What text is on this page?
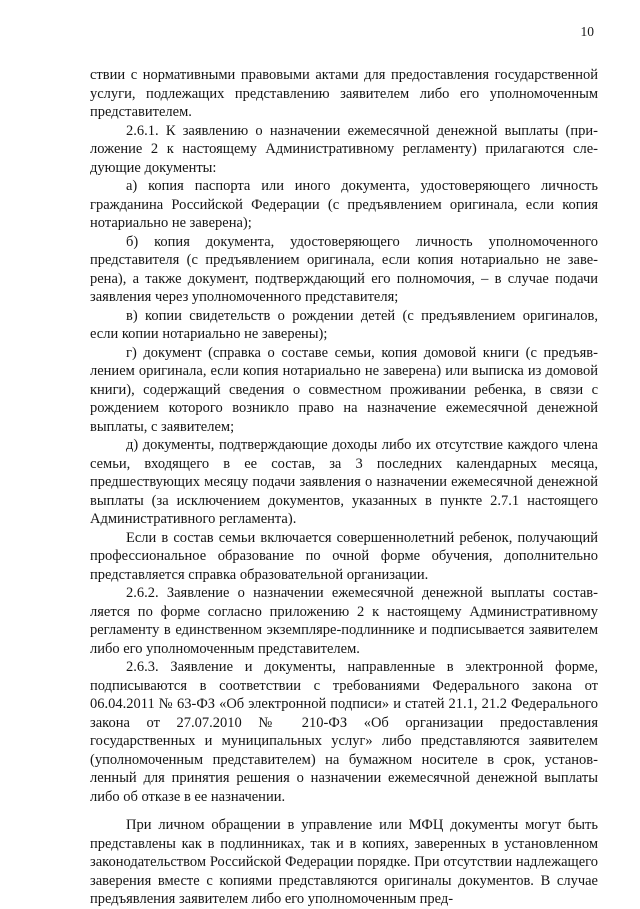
10

ствии с нормативными правовыми актами для предоставления государственной услуги, подлежащих представлению заявителем либо его уполномоченным представителем.

2.6.1. К заявлению о назначении ежемесячной денежной выплаты (приложение 2 к настоящему Административному регламенту) прилагаются следующие документы:

а) копия паспорта или иного документа, удостоверяющего личность гражданина Российской Федерации (с предъявлением оригинала, если копия нотариально не заверена);

б) копия документа, удостоверяющего личность уполномоченного представителя (с предъявлением оригинала, если копия нотариально не заверена), а также документ, подтверждающий его полномочия, – в случае подачи заявления через уполномоченного представителя;

в) копии свидетельств о рождении детей (с предъявлением оригиналов, если копии нотариально не заверены);

г) документ (справка о составе семьи, копия домовой книги (с предъявлением оригинала, если копия нотариально не заверена) или выписка из домовой книги), содержащий сведения о совместном проживании ребенка, в связи с рождением которого возникло право на назначение ежемесячной денежной выплаты, с заявителем;

д) документы, подтверждающие доходы либо их отсутствие каждого члена семьи, входящего в ее состав, за 3 последних календарных месяца, предшествующих месяцу подачи заявления о назначении ежемесячной денежной выплаты (за исключением документов, указанных в пункте 2.7.1 настоящего Административного регламента).

Если в состав семьи включается совершеннолетний ребенок, получающий профессиональное образование по очной форме обучения, дополнительно представляется справка образовательной организации.

2.6.2. Заявление о назначении ежемесячной денежной выплаты составляется по форме согласно приложению 2 к настоящему Административному регламенту в единственном экземпляре-подлиннике и подписывается заявителем либо его уполномоченным представителем.

2.6.3. Заявление и документы, направленные в электронной форме, подписываются в соответствии с требованиями Федерального закона от 06.04.2011 № 63-ФЗ «Об электронной подписи» и статей 21.1, 21.2 Федерального закона от 27.07.2010 № 210-ФЗ «Об организации предоставления государственных и муниципальных услуг» либо представляются заявителем (уполномоченным представителем) на бумажном носителе в срок, установленный для принятия решения о назначении ежемесячной денежной выплаты либо об отказе в ее назначении.

При личном обращении в управление или МФЦ документы могут быть представлены как в подлинниках, так и в копиях, заверенных в установленном законодательством Российской Федерации порядке. При отсутствии надлежащего заверения вместе с копиями представляются оригиналы документов. В случае предъявления заявителем либо его уполномоченным пред-
